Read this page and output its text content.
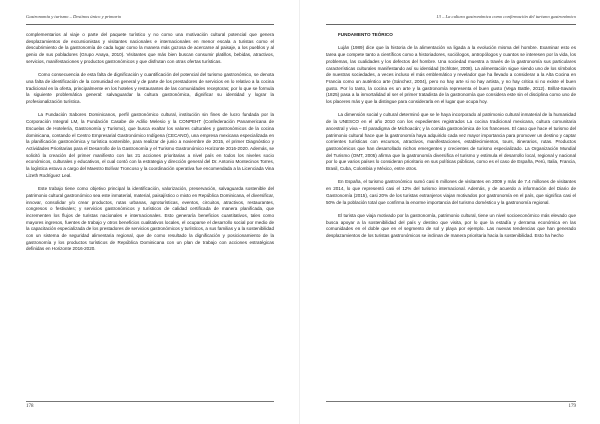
Gastronomía y turismo – Destinos único y primario

complementarios al viaje o parte del paquete turístico y no como una motivación cultural potencial que genera desplazamientos de excursionistas y visitantes nacionales e internacionales en menor escala a turistas como el descubrimiento de la gastronomía de cada lugar como la manera más gozosa de acercarse al paisaje, a los pueblos y al genio de sus pobladores (Grupo Anaya, 2010). Visitantes que más bien buscan consumir platillos, bebidas, atractivos, servicios, manifestaciones y productos gastronómicos y que disfrutan con otras ofertas turísticas.

Como consecuencia de esta falta de dignificación y cuantificación del potencial del turismo gastronómico, se denota una falta de identificación de la comunidad en general y de parte de los prestadores de servicios en lo relativo a la cocina tradicional en la oferta, principalmente en los hoteles y restaurantes de las comunidades receptoras; por lo que se formula la siguiente problemática general: salvaguardar la cultura gastronómica, dignificar su identidad y lograr la profesionalización turística.

La Fundación Sabores Dominicanos, perfil gastronómico cultural, institución sin fines de lucro fundada por la Corporación Integral LM, la Fundación Casabe de Adilio Melesio y la CONPEHT (Confederación Panamericana de Escuelas de Hotelería, Gastronomía y Turismo), que busca exaltar los valores culturales y gastronómicos de la cocina dominicana, contando el Centro Empresarial Gastronómico Indígena (CECANO), una empresa mexicana especializada en la planificación gastronómica y turística sostenible, para realizar de junio a noviembre de 2015, el primer Diagnóstico y Actividades Prioritarias para el Desarrollo de la Gastronomía y el Turismo Gastronómico Horizonte 2016-2020. Además, se solicitó la creación del primer manifiesto con las 21 acciones prioritarias a nivel país en todos los niveles socio económicos, culturales y educativos, el cual contó con la estrategia y dirección general del Dr. Antonio Montecinos Torres, la logística estuvo a cargo del Maestro Bolívar Troncoso y la coordinación operativa fue encomendada a la Licenciada Vina Lizeth Rodríguez Leal.

Este trabajo tiene como objetivo principal la identificación, valorización, preservación, salvaguarda sostenible del patrimonio cultural gastronómico sea este inmaterial, material, paisajístico o mixto en República Dominicana, el diversificar, innovar, consolidar y/o crear productos, rutas urbanas, agroturísticas, eventos, circuitos, atractivos, restaurantes, congresos o festivales; y servicios gastronómicos y turísticos de calidad certificada de manera planificada, que incrementen los flujos de turistas nacionales e internacionales. Esto generaría beneficios cuantitativos, tales como mayores ingresos, fuentes de trabajo y otros beneficios cualitativos locales, el ocuparse el desarrollo social por medio de la capacitación especializada de los prestadores de servicios gastronómicos y turísticos, a sus familias y a la sostenibilidad con un sistema de seguridad alimentaria regional, que de como resultado la dignificación y posicionamiento de la gastronomía y los productos turísticos de República Dominicana con un plan de trabajo con acciones estratégicas definidas en Horizonte 2016-2020.

178
13 – La cultura gastronómica como confirmación del turismo gastronómico

FUNDAMENTO TEÓRICO

Luján (1989) dice que la historia de la alimentación va ligada a la evolución misma del hombre. Examinar esto es tarea que compete tanto a científicos como a historiadores, sociólogos, antropólogos y cuantos se interesen por la vida, los problemas, las cualidades y los defectos del hombre. Una sociedad muestra a través de la gastronomía sus particulares características culturales manifestando así su identidad (Schlüter, 2008). La alimentación sigue siendo uno de los símbolos de nuestras sociedades, a veces incluso el más emblemático y revelador que ha llevado a considerar a la Alta Cocina en Francia como un auténtico arte (Sánchez, 2004), pero no hay arte si no hay artista, y no hay critica si no existe el buen gusto. Por lo tanto, la cocina es un arte y la gastronomía representa el buen gusto (Vega Battle, 2012). Brillat-Savarin (1825) pasa a la inmortalidad al ser el primer tratadista de la gastronomía que considera este sin el disciplina como uno de los placeres más y que la distingue para considerarla en el lugar que ocupa hoy.

La dimensión social y cultural determinó que se le haya incorporado al patrimonio cultural inmaterial de la humanidad de la UNESCO en el año 2010 con los expedientes registrados La cocina tradicional mexicana, cultura comunitaria ancestral y viva – El paradigma de Michoacán; y la comida gastronómica de los franceses. El caso que hace el turismo del patrimonio cultural hace que la gastronomía haya adquirido cada vez mayor importancia para promover un destino y captar corrientes turísticas con escursos, atractivos, manifestaciones, establecimientos, tours, itinerarios, rutas. Productos gastronómicos que han desarrollado nichos emergentes y crecientes de turismo especializado. La Organización Mundial del Turismo (OMT, 2005) afirma que la gastronomía diversifica el turismo y estimula el desarrollo local, regional y nacional por lo que varios países lo consideran prioritario en sus políticas públicas, como es el caso de España, Perú, Italia, Francia, Brasil, Cuba, Colombia y México, entre otros.

En España, el turismo gastronómico sumó casi 6 millones de visitantes en 2009 y más de 7.4 millones de visitantes en 2014, lo que representó casi el 12% del turismo internacional. Además, y de acuerdo a información del Diario de Gastronomía (2015), casi 20% de los turistas extranjeros viajan motivados por gastronomía en el país, que significa casi el 50% de la población total que confirma la enorme importancia del turismo doméstico y la gastronomía regional.

El turista que viaja motivado por la gastronomía, patrimonio cultural, tiene un nivel socioeconómico más elevado que busca apoyar a la sostenibilidad del país y destino que visita, por lo que la estadía y derrama económica en las comunidades en el doble que en el segmento de sol y playa por ejemplo. Las nuevas tendencias que han generado desplazamientos de los turistas gastronómicos se inclinan de manera prioritaria hacia la sostenibilidad. Esto ha hecho

179
